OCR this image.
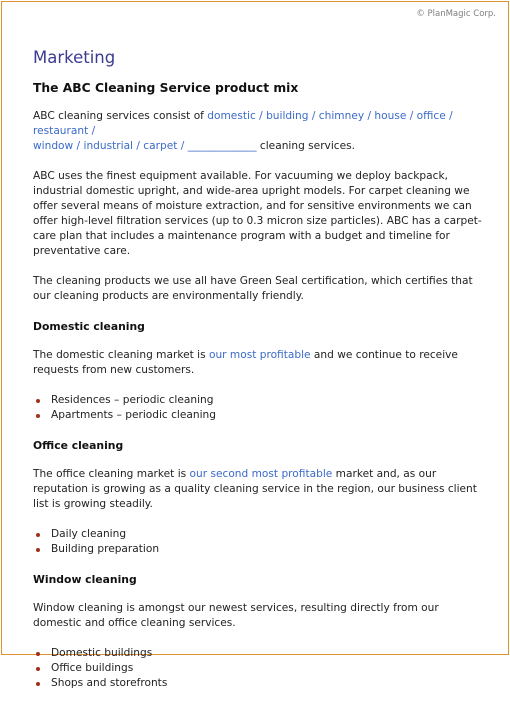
© PlanMagic Corp.
Marketing
The ABC Cleaning Service product mix

ABC cleaning services consist of domestic / building / chimney / house / office / restaurant /
window / industrial / carpet / _____________ cleaning services.

ABC uses the finest equipment available. For vacuuming we deploy backpack, industrial domestic upright, and wide-area upright models. For carpet cleaning we offer several means of moisture extraction, and for sensitive environments we can offer high-level filtration services (up to 0.3 micron size particles). ABC has a carpet-care plan that includes a maintenance program with a budget and timeline for preventative care.

The cleaning products we use all have Green Seal certification, which certifies that our cleaning products are environmentally friendly.

Domestic cleaning

The domestic cleaning market is our most profitable and we continue to receive requests from new customers.

Residences – periodic cleaning
Apartments – periodic cleaning
Office cleaning

The office cleaning market is our second most profitable market and, as our reputation is growing as a quality cleaning service in the region, our business client list is growing steadily.

Daily cleaning
Building preparation
Window cleaning

Window cleaning is amongst our newest services, resulting directly from our domestic and office cleaning services.

Domestic buildings
Office buildings
Shops and storefronts
